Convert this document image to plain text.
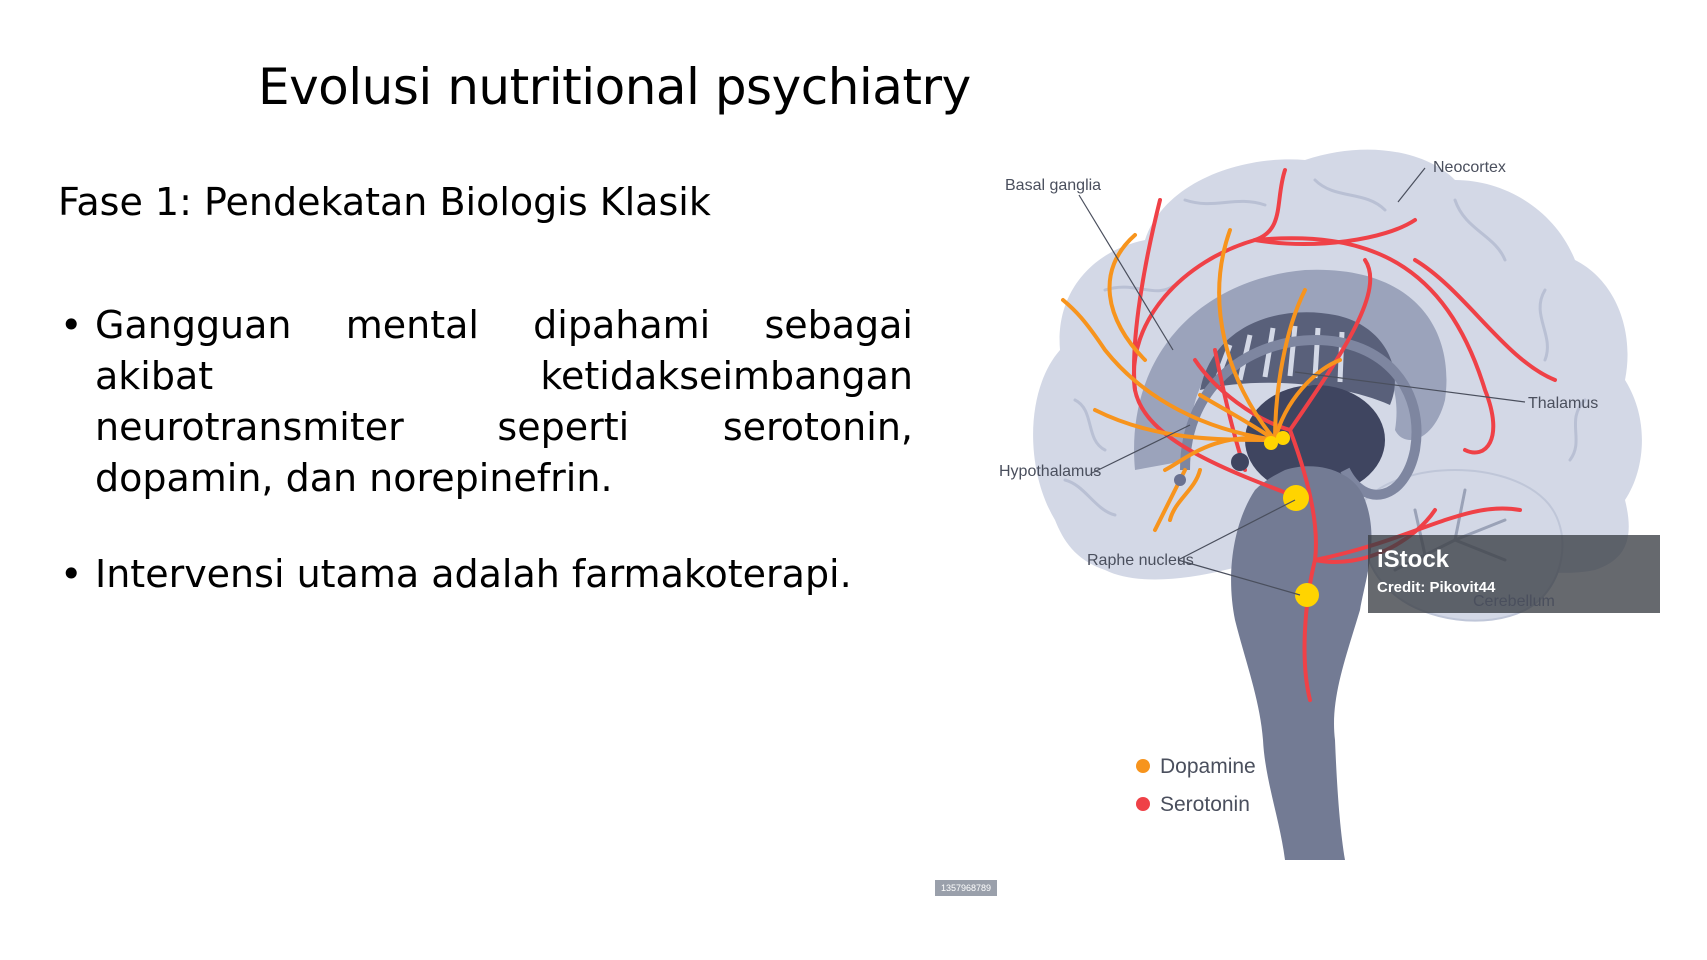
Evolusi nutritional psychiatry
Fase 1: Pendekatan Biologis Klasik
• Gangguan mental dipahami sebagai akibat ketidakseimbangan neurotransmiter seperti serotonin, dopamin, dan norepinefrin.
• Intervensi utama adalah farmakoterapi.
Basal ganglia
Neocortex
Thalamus
Hypothalamus
Raphe nucleus	iStock
Credit: Pikovit44
Cerebellum
Dopamine
Serotonin
1357968789
